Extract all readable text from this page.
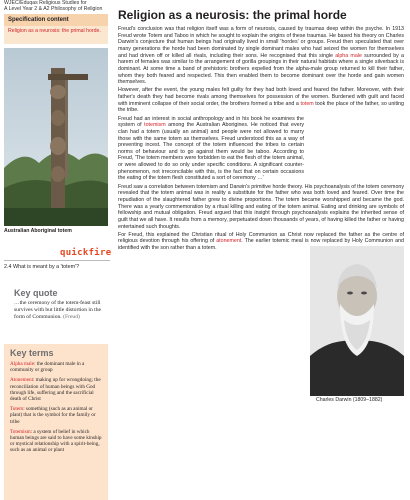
WJEC/Eduqas Religious Studies for
A Level Year 2 & A2 Philosophy of Religion
Specification content
Religion as a neurosis: the primal horde.
Australian Aboriginal totem
quickfire
2.4 What is meant by a 'totem'?
Key quote
…the ceremony of the totem-feast still survives with but little distortion in the form of Communion. (Freud)
Key terms
Alpha male: the dominant male in a community or group
Atonement: making up for wrongdoing; the reconciliation of human beings with God through life, suffering and the sacrificial death of Christ
Totem: something (such as an animal or plant) that is the symbol for the family or tribe
Totemism: a system of belief in which human beings are said to have some kinship or mystical relationship with a spirit-being, such as an animal or plant
Religion as a neurosis: the primal horde

Freud's conclusion was that religion itself was a form of neurosis, caused by traumas deep within the psyche. In 1913 Freud wrote Totem and Taboo in which he sought to explain the origins of these traumas. He based his theory on Charles Darwin's conjecture that human beings had originally lived in small 'hordes' or groups. Freud then speculated that over many generations the horde had been dominated by single dominant males who had seized the women for themselves and had driven off or killed all rivals, including their sons. He recognised that this single alpha male surrounded by a harem of females was similar to the arrangement of gorilla groupings in their natural habitats where a single silverback is dominant. At some time a band of prehistoric brothers expelled from the alpha-male group returned to kill their father, whom they both feared and respected. This then enabled them to become dominant over the horde and gain women themselves.

However, after the event, the young males felt guilty for they had both loved and feared the father. Moreover, with their father's death they had become rivals among themselves for possession of the women. Burdened with guilt and faced with imminent collapse of their social order, the brothers formed a tribe and a totem took the place of the father, so uniting the tribe.

Freud had an interest in social anthropology and in his book he examines the system of totemism among the Australian Aborigines. He noticed that every clan had a totem (usually an animal) and people were not allowed to marry those with the same totem as themselves. Freud understood this as a way of preventing incest. The concept of the totem influenced the tribes to certain norms of behaviour and to go against them would be taboo. According to Freud, 'The totem members were forbidden to eat the flesh of the totem animal, or were allowed to do so only under specific conditions. A significant counter-phenomenon, not irreconcilable with this, is the fact that on certain occasions the eating of the totem flesh constituted a sort of ceremony …'

Freud saw a correlation between totemism and Darwin's primitive horde theory. His psychoanalysis of the totem ceremony revealed that the totem animal was in reality a substitute for the father who was both loved and feared. Over time the repudiation of the slaughtered father grew to divine proportions. The totem became worshipped and became the god. There was a yearly commemoration by a ritual killing and eating of the totem animal. Eating and drinking are symbols of fellowship and mutual obligation. Freud argued that this insight through psychoanalysis explains the inherited sense of guilt that we all have. It results from a memory, perpetuated down thousands of years, of having killed the father or having entertained such thoughts.

For Freud, this explained the Christian ritual of Holy Communion as Christ now replaced the father as the centre of religious devotion through his offering of atonement. The earlier totemic meal is now replaced by Holy Communion and identified with the son rather than a totem.

Charles Darwin (1809–1882)
